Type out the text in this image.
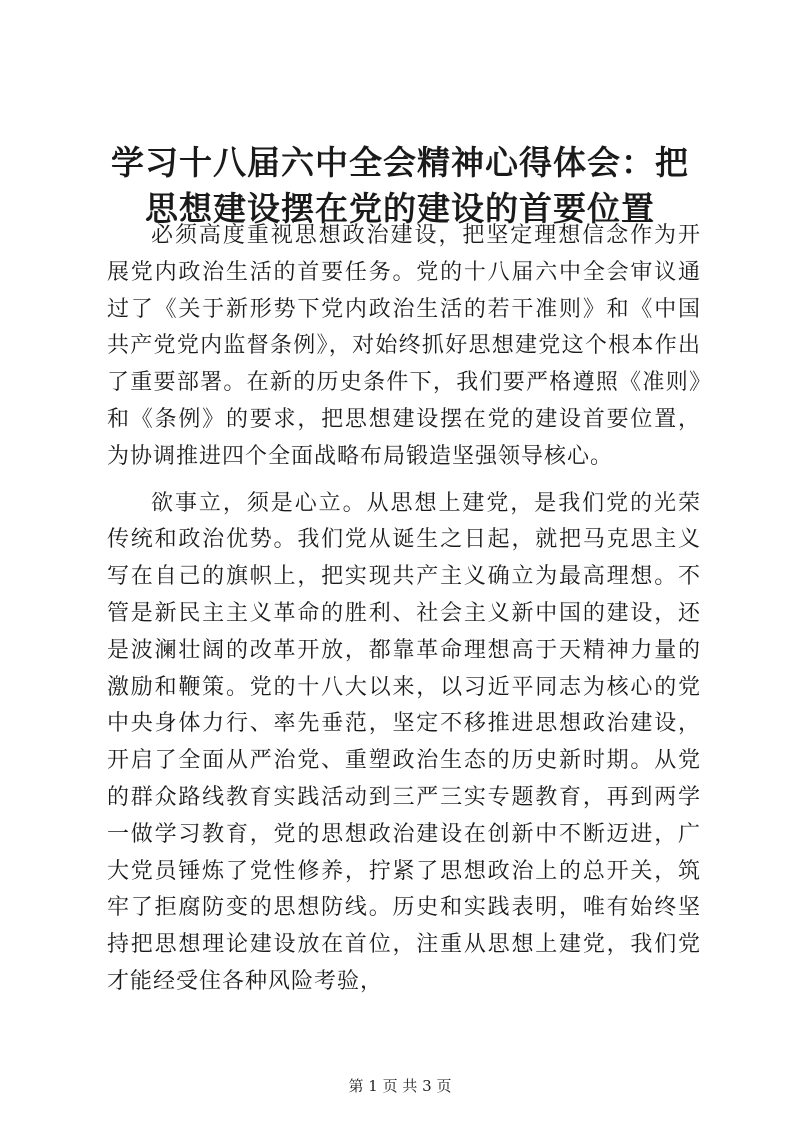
学习十八届六中全会精神心得体会：把思想建设摆在党的建设的首要位置

必须高度重视思想政治建设，把坚定理想信念作为开展党内政治生活的首要任务。党的十八届六中全会审议通过了《关于新形势下党内政治生活的若干准则》和《中国共产党党内监督条例》，对始终抓好思想建党这个根本作出了重要部署。在新的历史条件下，我们要严格遵照《准则》和《条例》的要求，把思想建设摆在党的建设首要位置，为协调推进四个全面战略布局锻造坚强领导核心。

欲事立，须是心立。从思想上建党，是我们党的光荣传统和政治优势。我们党从诞生之日起，就把马克思主义写在自己的旗帜上，把实现共产主义确立为最高理想。不管是新民主主义革命的胜利、社会主义新中国的建设，还是波澜壮阔的改革开放，都靠革命理想高于天精神力量的激励和鞭策。党的十八大以来，以习近平同志为核心的党中央身体力行、率先垂范，坚定不移推进思想政治建设，开启了全面从严治党、重塑政治生态的历史新时期。从党的群众路线教育实践活动到三严三实专题教育，再到两学一做学习教育，党的思想政治建设在创新中不断迈进，广大党员锤炼了党性修养，拧紧了思想政治上的总开关，筑牢了拒腐防变的思想防线。历史和实践表明，唯有始终坚持把思想理论建设放在首位，注重从思想上建党，我们党才能经受住各种风险考验，

第 1 页 共 3 页
